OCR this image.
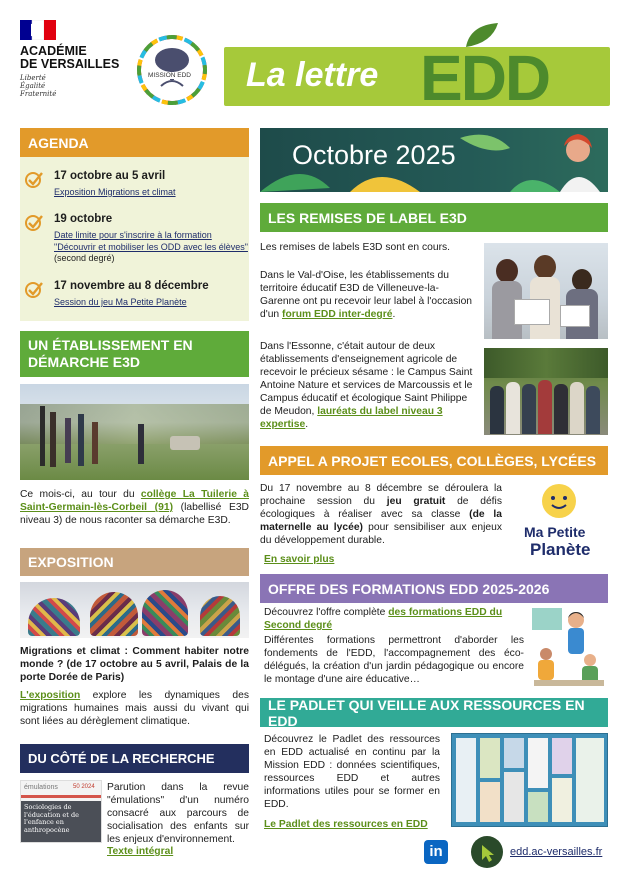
ACADÉMIE
DE VERSAILLES
Liberté
Égalité
Fraternité
MISSION EDD La lettre EDD
AGENDA
17 octobre au 5 avril
Exposition Migrations et climat
19 octobre
Date limite pour s'inscrire à la formation "Découvrir et mobiliser les ODD avec les élèves" (second degré)
17 novembre au 8 décembre
Session du jeu Ma Petite Planète
UN ÉTABLISSEMENT EN DÉMARCHE E3D
Ce mois-ci, au tour du collège La Tuilerie à Saint-Germain-lès-Corbeil (91) (labellisé E3D niveau 3) de nous raconter sa démarche E3D.
EXPOSITION
Migrations et climat : Comment habiter notre monde ? (de 17 octobre au 5 avril, Palais de la porte Dorée de Paris)
L'exposition explore les dynamiques des migrations humaines mais aussi du vivant qui sont liées au dérèglement climatique.
DU CÔTÉ DE LA RECHERCHE
émulations	50 2024
Sociologies de l'éducation et de l'enfance en anthropocène
Parution dans la revue "émulations" d'un numéro consacré aux parcours de socialisation des enfants sur les enjeux d'environnement.
Texte intégral
Octobre 2025
LES REMISES DE LABEL E3D
Les remises de labels E3D sont en cours.
Dans le Val-d'Oise, les établissements du territoire éducatif E3D de Villeneuve-la-Garenne ont pu recevoir leur label à l'occasion d'un forum EDD inter-degré.
Dans l'Essonne, c'était autour de deux établissements d'enseignement agricole de recevoir le précieux sésame : le Campus Saint Antoine Nature et services de Marcoussis et le Campus éducatif et écologique Saint Philippe de Meudon, lauréats du label niveau 3 expertise.
APPEL A PROJET ECOLES, COLLÈGES, LYCÉES
Du 17 novembre au 8 décembre se déroulera la prochaine session du jeu gratuit de défis écologiques à réaliser avec sa classe (de la maternelle au lycée) pour sensibiliser aux enjeux du développement durable.
En savoir plus
Ma Petite
Planète
OFFRE DES FORMATIONS EDD 2025-2026
Découvrez l'offre complète des formations EDD du Second degré
Différentes formations permettront d'aborder les fondements de l'EDD, l'accompagnement des éco-délégués, la création d'un jardin pédagogique ou encore le montage d'une aire éducative…
LE PADLET QUI VEILLE AUX RESSOURCES EN EDD
Découvrez le Padlet des ressources en EDD actualisé en continu par la Mission EDD : données scientifiques, ressources EDD et autres informations utiles pour se former en EDD.
Le Padlet des ressources en EDD
in	edd.ac-versailles.fr
